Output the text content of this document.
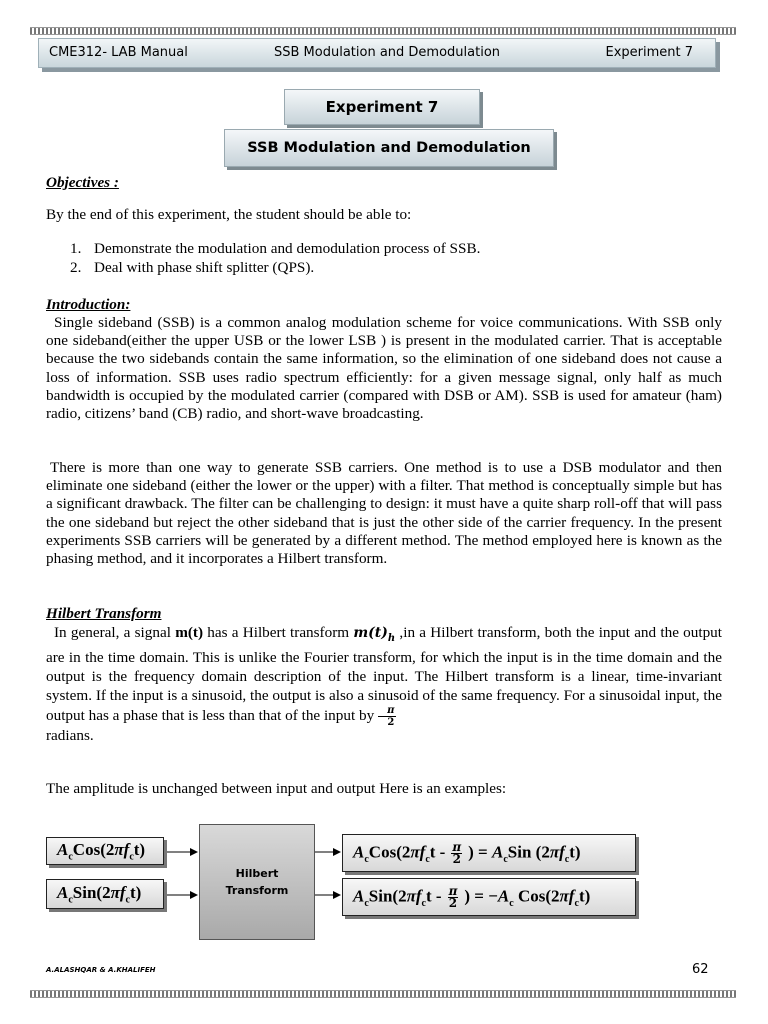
CME312- LAB Manual	SSB Modulation and Demodulation	Experiment 7
Experiment 7
SSB Modulation and Demodulation
Objectives :
By the end of this experiment, the student should be able to:
1. Demonstrate the modulation and demodulation process of SSB.
2. Deal with phase shift splitter (QPS).
Introduction:
Single sideband (SSB) is a common analog modulation scheme for voice communications. With SSB only one sideband(either the upper USB or the lower LSB ) is present in the modulated carrier. That is acceptable because the two sidebands contain the same information, so the elimination of one sideband does not cause a loss of information. SSB uses radio spectrum efficiently: for a given message signal, only half as much bandwidth is occupied by the modulated carrier (compared with DSB or AM). SSB is used for amateur (ham) radio, citizens’ band (CB) radio, and short-wave broadcasting.
There is more than one way to generate SSB carriers. One method is to use a DSB modulator and then eliminate one sideband (either the lower or the upper) with a filter. That method is conceptually simple but has a significant drawback. The filter can be challenging to design: it must have a quite sharp roll-off that will pass the one sideband but reject the other sideband that is just the other side of the carrier frequency. In the present experiments SSB carriers will be generated by a different method. The method employed here is known as the phasing method, and it incorporates a Hilbert transform.
Hilbert Transform
In general, a signal m(t) has a Hilbert transform $m(t)_h$ ,in a Hilbert transform, both the input and the output are in the time domain. This is unlike the Fourier transform, for which the input is in the time domain and the output is the frequency domain description of the input. The Hilbert transform is a linear, time-invariant system. If the input is a sinusoid, the output is also a sinusoid of the same frequency. For a sinusoidal input, the output has a phase that is less than that of the input by $\frac{\pi}{2}$
radians.
The amplitude is unchanged between input and output Here is an examples:
$A_cCos(2\pi f_ct)$
$A_cSin(2\pi f_ct)$
Hilbert
Transform
$A_cCos(2\pi f_ct - \frac{\pi}{2}$ ) = $A_cSin$ $(2\pi f_ct)$
$A_cSin(2\pi f_ct - \frac{\pi}{2}$ ) = $-A_c$ $Cos(2\pi f_ct)$
A.ALASHQAR & A.KHALIFEH	62
